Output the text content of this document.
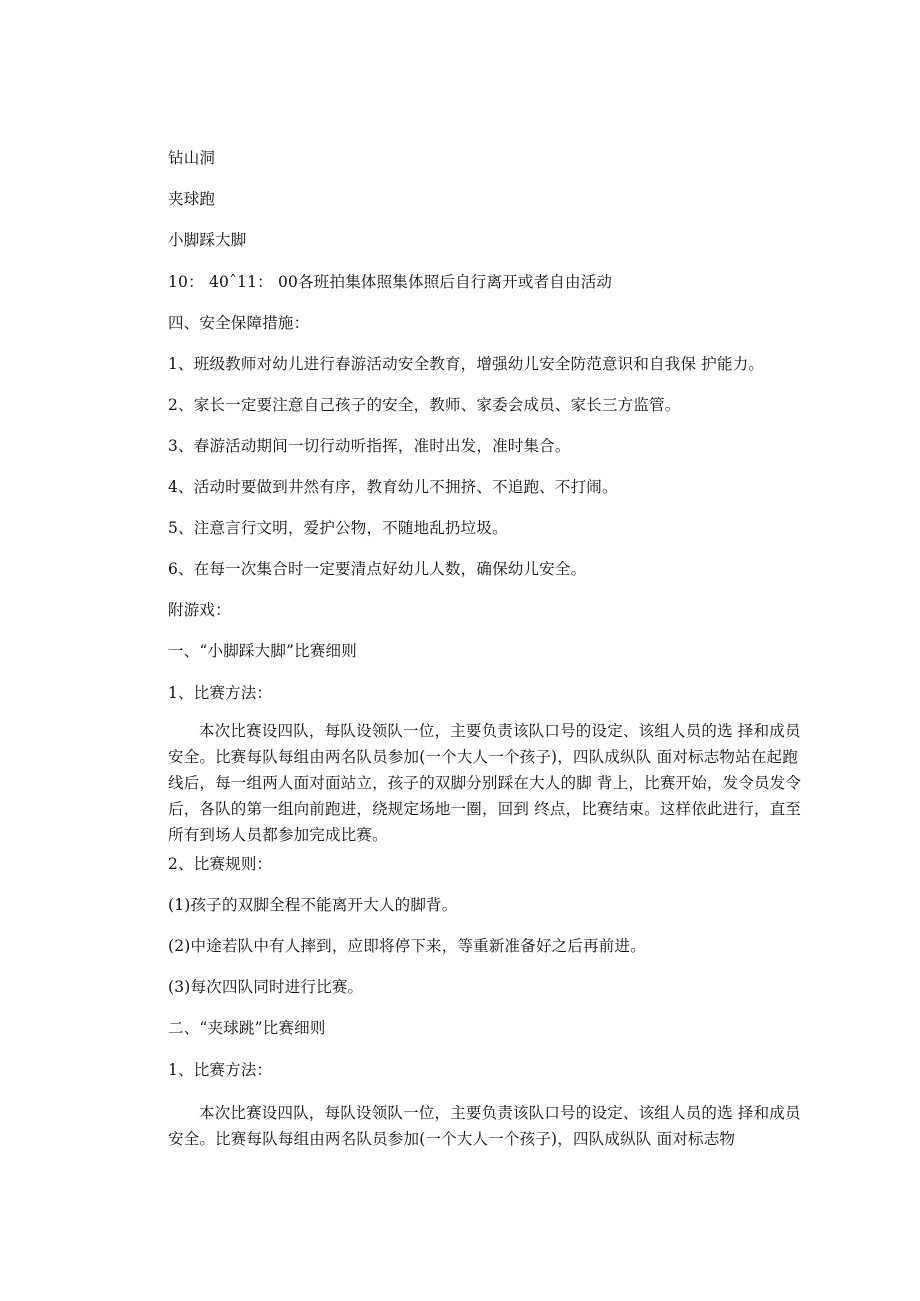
钻山洞
夹球跑
小脚踩大脚
10： 40ˆ11： 00各班拍集体照集体照后自行离开或者自由活动
四、安全保障措施：
1、班级教师对幼儿进行春游活动安全教育，增强幼儿安全防范意识和自我保 护能力。
2、家长一定要注意自己孩子的安全，教师、家委会成员、家长三方监管。
3、春游活动期间一切行动听指挥，准时出发，准时集合。
4、活动时要做到井然有序，教育幼儿不拥挤、不追跑、不打闹。
5、注意言行文明，爱护公物，不随地乱扔垃圾。
6、在每一次集合时一定要清点好幼儿人数，确保幼儿安全。
附游戏：
一、“小脚踩大脚”比赛细则
1、比赛方法：
本次比赛设四队，每队设领队一位，主要负责该队口号的设定、该组人员的选 择和成员安全。比赛每队每组由两名队员参加(一个大人一个孩子)，四队成纵队 面对标志物站在起跑线后，每一组两人面对面站立，孩子的双脚分别踩在大人的脚 背上，比赛开始，发令员发令后，各队的第一组向前跑进，绕规定场地一圈，回到 终点，比赛结束。这样依此进行，直至所有到场人员都参加完成比赛。
2、比赛规则：
(1)孩子的双脚全程不能离开大人的脚背。
(2)中途若队中有人摔到，应即将停下来，等重新准备好之后再前进。
(3)每次四队同时进行比赛。
二、“夹球跳”比赛细则
1、比赛方法：
本次比赛设四队，每队设领队一位，主要负责该队口号的设定、该组人员的选 择和成员安全。比赛每队每组由两名队员参加(一个大人一个孩子)，四队成纵队 面对标志物
